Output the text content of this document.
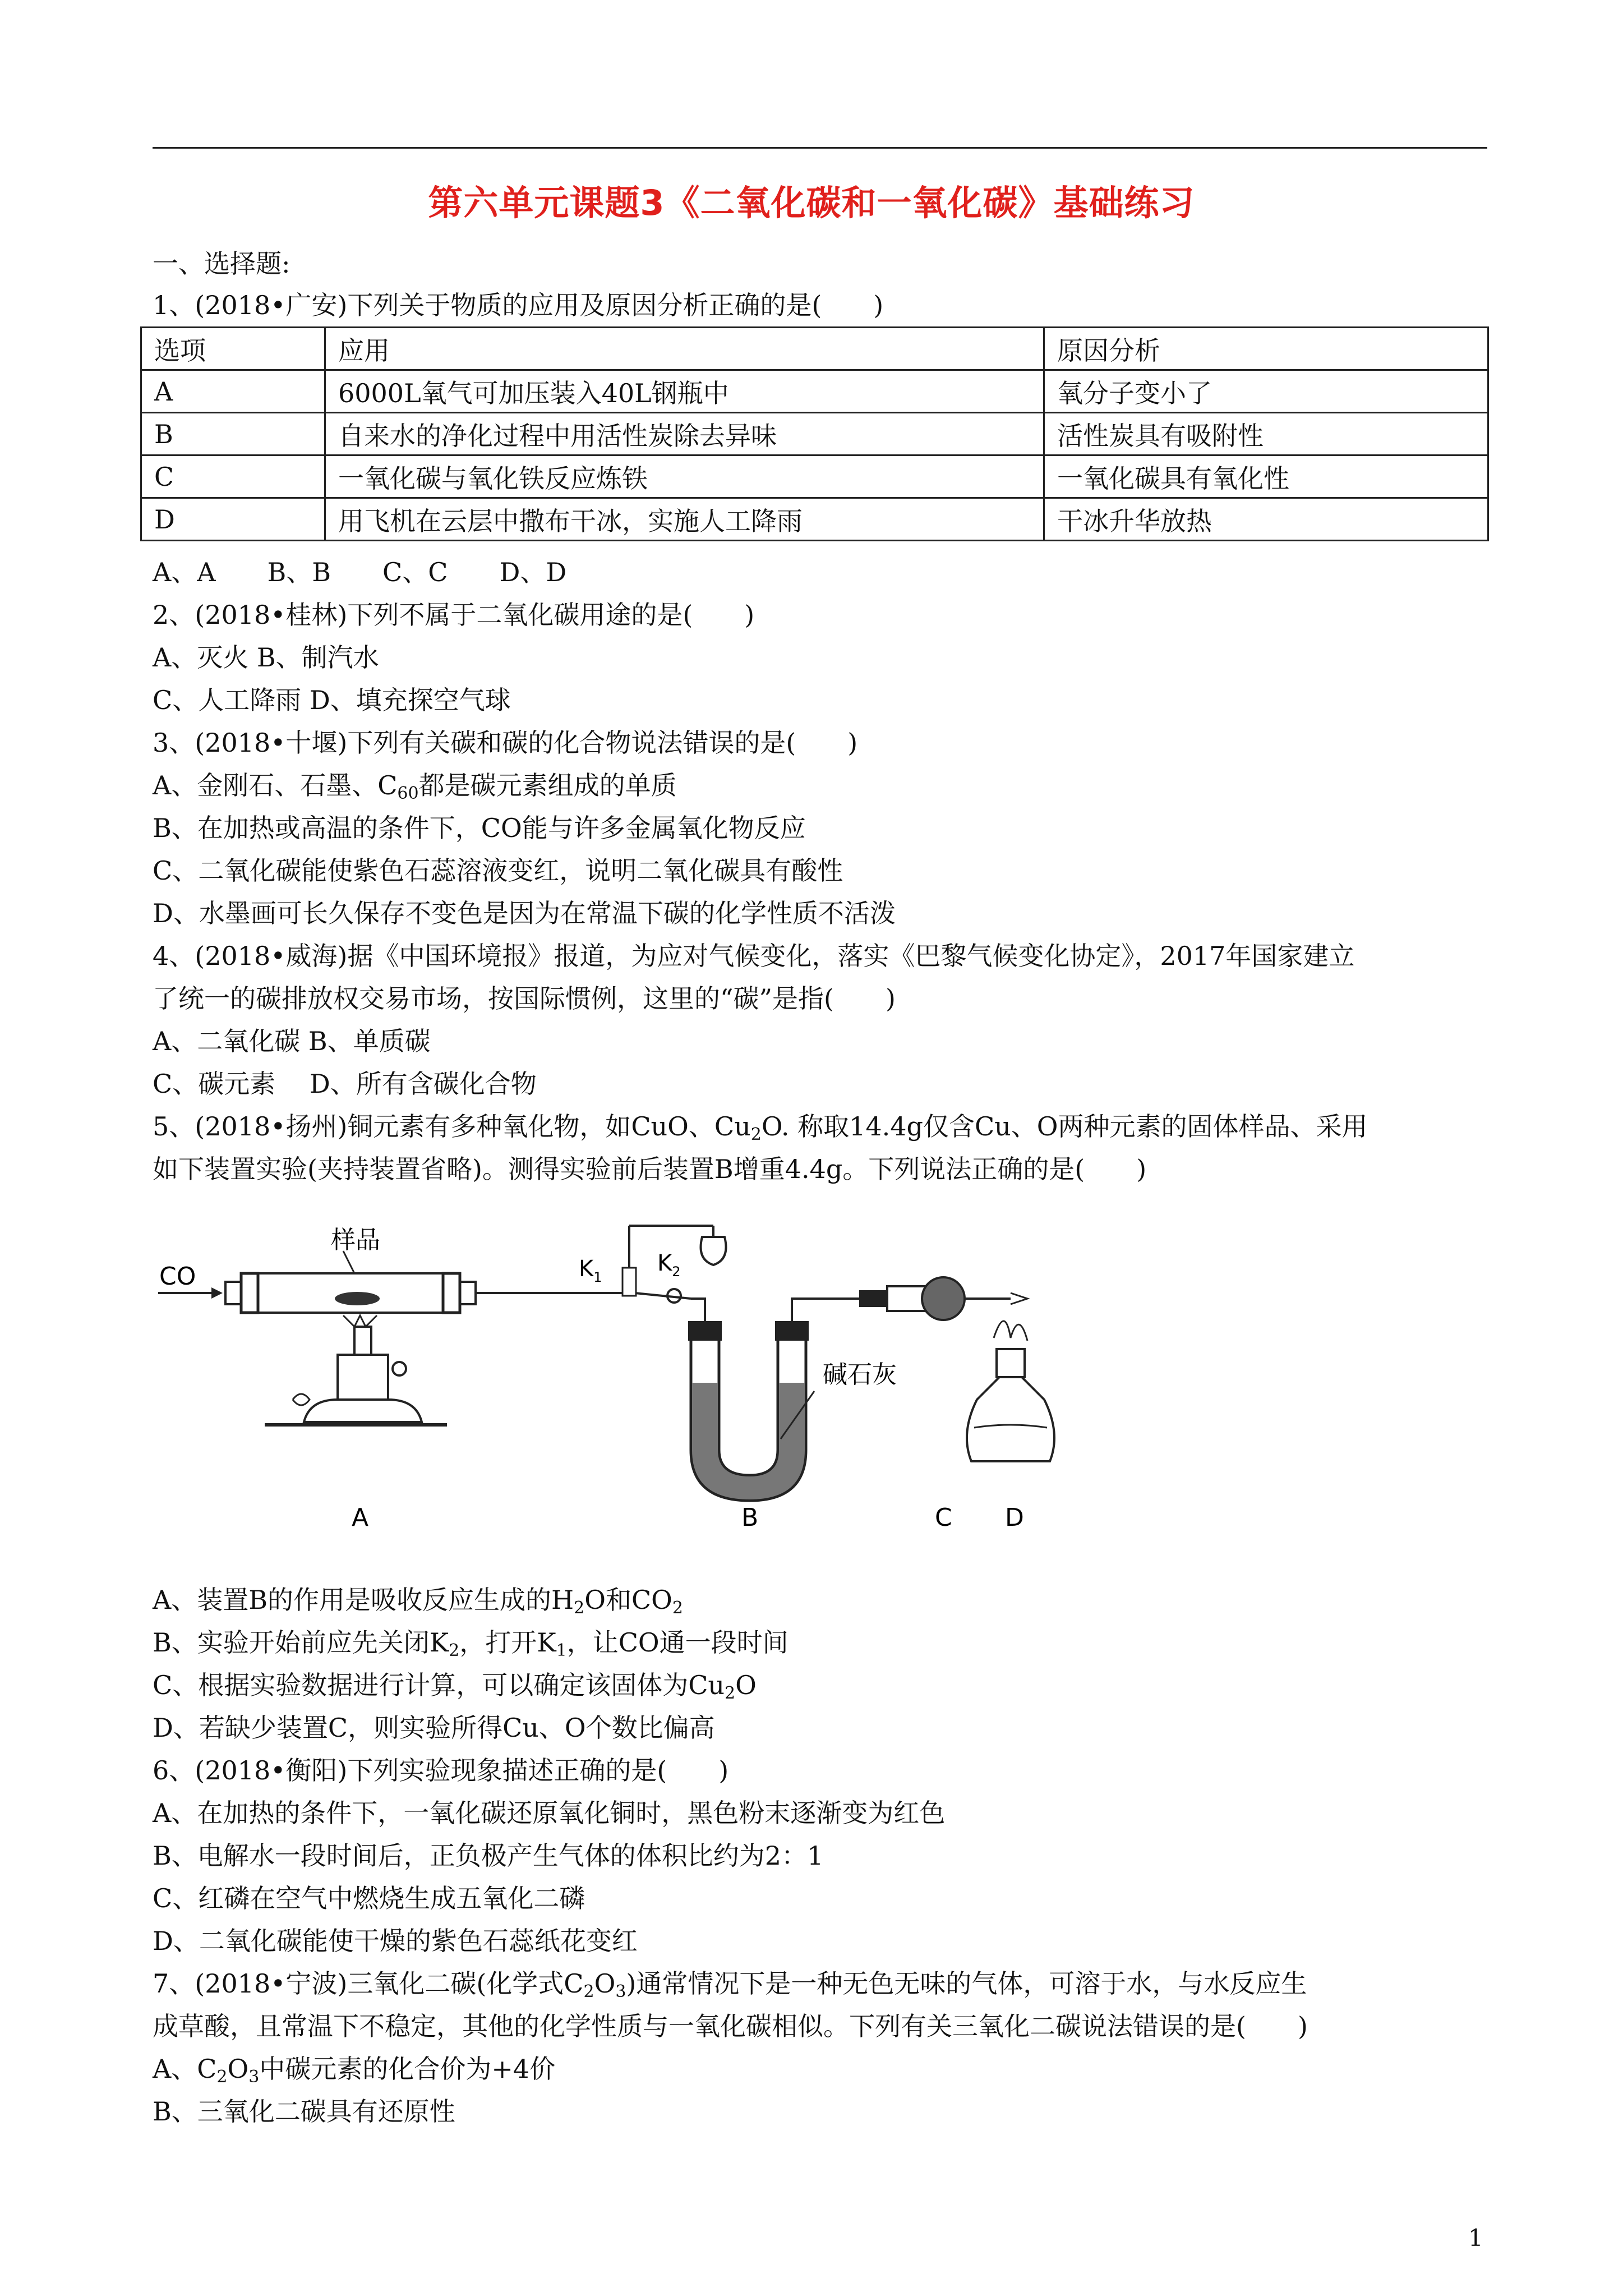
第六单元课题3《二氧化碳和一氧化碳》基础练习
一、选择题:
1、(2018•广安)下列关于物质的应用及原因分析正确的是(　　)
选项	应用	原因分析
A	6000L氧气可加压装入40L钢瓶中	氧分子变小了
B	自来水的净化过程中用活性炭除去异味	活性炭具有吸附性
C	一氧化碳与氧化铁反应炼铁	一氧化碳具有氧化性
D	用飞机在云层中撒布干冰，实施人工降雨	干冰升华放热
A、A　　B、B　　C、C　　D、D
2、(2018•桂林)下列不属于二氧化碳用途的是(　　)
A、灭火 B、制汽水
C、人工降雨 D、填充探空气球
3、(2018•十堰)下列有关碳和碳的化合物说法错误的是(　　)
A、金刚石、石墨、$C_{60}$都是碳元素组成的单质
B、在加热或高温的条件下，CO能与许多金属氧化物反应
C、二氧化碳能使紫色石蕊溶液变红，说明二氧化碳具有酸性
D、水墨画可长久保存不变色是因为在常温下碳的化学性质不活泼
4、(2018•威海)据《中国环境报》报道，为应对气候变化，落实《巴黎气候变化协定》，2017年国家建立
了统一的碳排放权交易市场，按国际惯例，这里的“碳”是指(　　)
A、二氧化碳 B、单质碳
C、碳元素　 D、所有含碳化合物
5、(2018•扬州)铜元素有多种氧化物，如CuO、$Cu_2O$. 称取14.4g仅含Cu、O两种元素的固体样品、采用
如下装置实验(夹持装置省略)。测得实验前后装置B增重4.4g。下列说法正确的是(　　)
CO
样品
$K_1$
$K_2$
碱石灰
A	B	C D
A、装置B的作用是吸收反应生成的$H_2O$和$CO_2$
B、实验开始前应先关闭$K_2$，打开$K_1$，让CO通一段时间
C、根据实验数据进行计算，可以确定该固体为$Cu_2O$
D、若缺少装置C，则实验所得Cu、O个数比偏高
6、(2018•衡阳)下列实验现象描述正确的是(　　)
A、在加热的条件下，一氧化碳还原氧化铜时，黑色粉末逐渐变为红色
B、电解水一段时间后，正负极产生气体的体积比约为2：1
C、红磷在空气中燃烧生成五氧化二磷
D、二氧化碳能使干燥的紫色石蕊纸花变红
7、(2018•宁波)三氧化二碳(化学式$C_2O_3$)通常情况下是一种无色无味的气体，可溶于水，与水反应生
成草酸，且常温下不稳定，其他的化学性质与一氧化碳相似。下列有关三氧化二碳说法错误的是(　　)
A、$C_2O_3$中碳元素的化合价为+4价
B、三氧化二碳具有还原性
1
